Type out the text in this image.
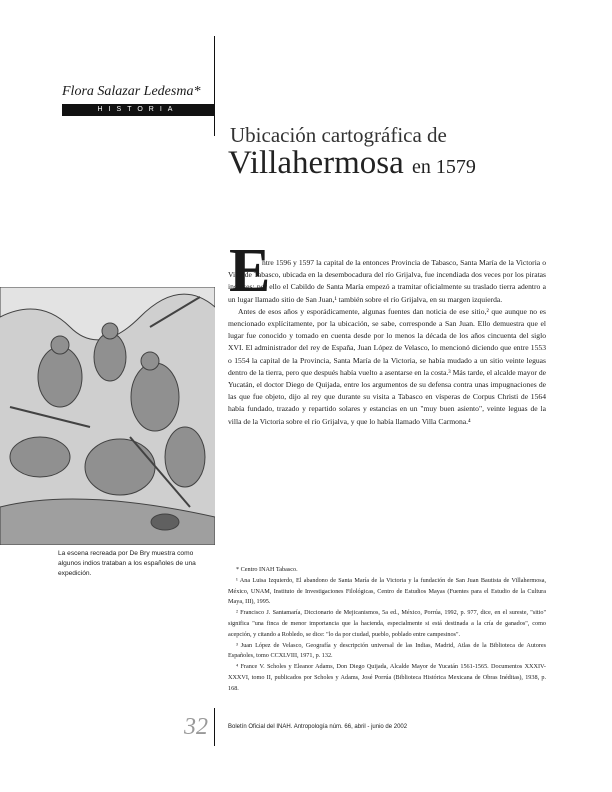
Flora Salazar Ledesma*
HISTORIA
Ubicación cartográfica de
Villahermosa en 1579
La escena recreada por De Bry muestra como algunos indios trataban a los españoles de una expedición.
E

ntre 1596 y 1597 la capital de la entonces Provincia de Tabasco, Santa María de la Victoria o Villa de Tabasco, ubicada en la desembocadura del río Grijalva, fue incendiada dos veces por los piratas ingleses; por ello el Cabildo de Santa María empezó a tramitar oficialmente su traslado tierra adentro a un lugar llamado sitio de San Juan,¹ también sobre el río Grijalva, en su margen izquierda.

Antes de esos años y esporádicamente, algunas fuentes dan noticia de ese sitio,² que aunque no es mencionado explícitamente, por la ubicación, se sabe, corresponde a San Juan. Ello demuestra que el lugar fue conocido y tomado en cuenta desde por lo menos la década de los años cincuenta del siglo XVI. El administrador del rey de España, Juan López de Velasco, lo mencionó diciendo que entre 1553 o 1554 la capital de la Provincia, Santa María de la Victoria, se había mudado a un sitio veinte leguas dentro de la tierra, pero que después había vuelto a asentarse en la costa.³ Más tarde, el alcalde mayor de Yucatán, el doctor Diego de Quijada, entre los argumentos de su defensa contra unas impugnaciones de las que fue objeto, dijo al rey que durante su visita a Tabasco en vísperas de Corpus Christi de 1564 había fundado, trazado y repartido solares y estancias en un "muy buen asiento", veinte leguas de la villa de la Victoria sobre el río Grijalva, y que lo había llamado Villa Carmona.⁴

* Centro INAH Tabasco.
¹ Ana Luisa Izquierdo, El abandono de Santa María de la Victoria y la fundación de San Juan Bautista de Villahermosa, México, UNAM, Instituto de Investigaciones Filológicas, Centro de Estudios Mayas (Fuentes para el Estudio de la Cultura Maya, III), 1995.
² Francisco J. Santamaría, Diccionario de Mejicanismos, 5a ed., México, Porrúa, 1992, p. 977, dice, en el sureste, "sitio" significa "una finca de menor importancia que la hacienda, especialmente si está destinada a la cría de ganados", como acepción, y citando a Robledo, se dice: "lo da por ciudad, pueblo, poblado entre campesinos".
³ Juan López de Velasco, Geografía y descripción universal de las Indias, Madrid, Atlas de la Biblioteca de Autores Españoles, tomo CCXLVIII, 1971, p. 132.
⁴ France V. Scholes y Eleanor Adams, Don Diego Quijada, Alcalde Mayor de Yucatán 1561-1565. Documentos XXXIV-XXXVI, tomo II, publicados por Scholes y Adams, José Porrúa (Biblioteca Histórica Mexicana de Obras Inéditas), 1938, p. 168.
32	Boletín Oficial del INAH. Antropología núm. 66, abril - junio de 2002
